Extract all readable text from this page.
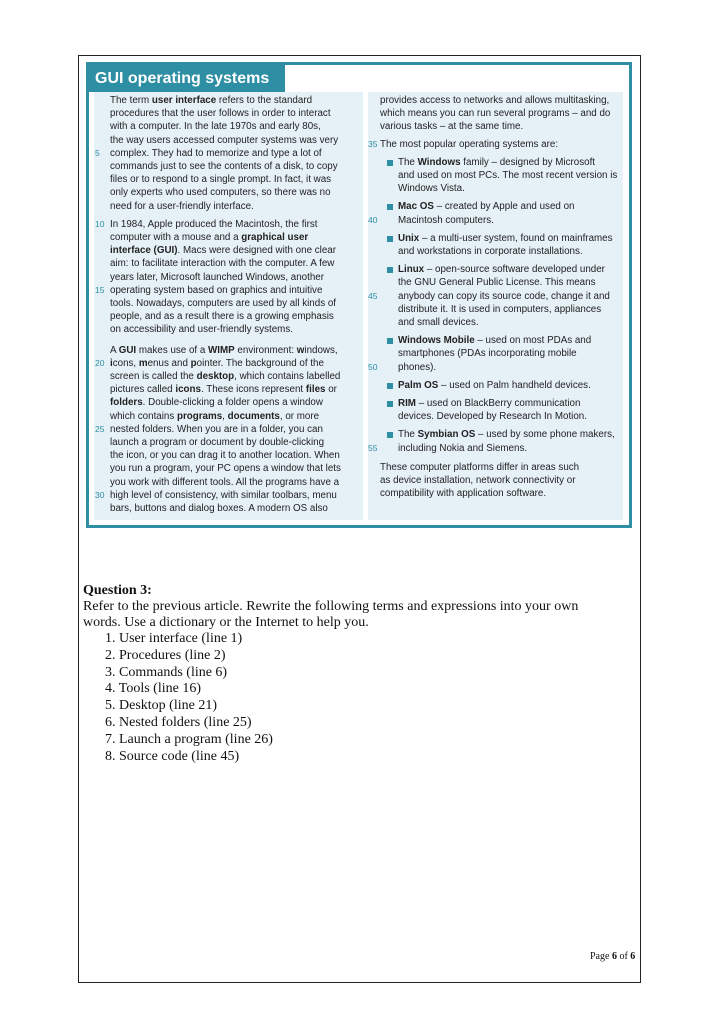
GUI operating systems
The term user interface refers to the standard
procedures that the user follows in order to interact
with a computer. In the late 1970s and early 80s,
the way users accessed computer systems was very
complex. They had to memorize and type a lot of
commands just to see the contents of a disk, to copy
files or to respond to a single prompt. In fact, it was
only experts who used computers, so there was no
need for a user-friendly interface.
In 1984, Apple produced the Macintosh, the first
computer with a mouse and a graphical user
interface (GUI). Macs were designed with one clear
aim: to facilitate interaction with the computer. A few
years later, Microsoft launched Windows, another
operating system based on graphics and intuitive
tools. Nowadays, computers are used by all kinds of
people, and as a result there is a growing emphasis
on accessibility and user-friendly systems.
A GUI makes use of a WIMP environment: windows,
icons, menus and pointer. The background of the
screen is called the desktop, which contains labelled
pictures called icons. These icons represent files or
folders. Double-clicking a folder opens a window
which contains programs, documents, or more
nested folders. When you are in a folder, you can
launch a program or document by double-clicking
the icon, or you can drag it to another location. When
you run a program, your PC opens a window that lets
you work with different tools. All the programs have a
high level of consistency, with similar toolbars, menu
bars, buttons and dialog boxes. A modern OS also
5
10
15
20
25
30
provides access to networks and allows multitasking,
which means you can run several programs – and do
various tasks – at the same time.
The most popular operating systems are:
The Windows family – designed by Microsoft
and used on most PCs. The most recent version is
Windows Vista.
Mac OS – created by Apple and used on
Macintosh computers.
Unix – a multi-user system, found on mainframes
and workstations in corporate installations.
Linux – open-source software developed under
the GNU General Public License. This means
anybody can copy its source code, change it and
distribute it. It is used in computers, appliances
and small devices.
Windows Mobile – used on most PDAs and
smartphones (PDAs incorporating mobile
phones).
Palm OS – used on Palm handheld devices.
RIM – used on BlackBerry communication
devices. Developed by Research In Motion.
The Symbian OS – used by some phone makers,
including Nokia and Siemens.
These computer platforms differ in areas such
as device installation, network connectivity or
compatibility with application software.
35
40
45
50
55
Question 3:
Refer to the previous article. Rewrite the following terms and expressions into your own
words. Use a dictionary or the Internet to help you.
1. User interface (line 1)
2. Procedures (line 2)
3. Commands (line 6)
4. Tools (line 16)
5. Desktop (line 21)
6. Nested folders (line 25)
7. Launch a program (line 26)
8. Source code (line 45)
Page 6 of 6
